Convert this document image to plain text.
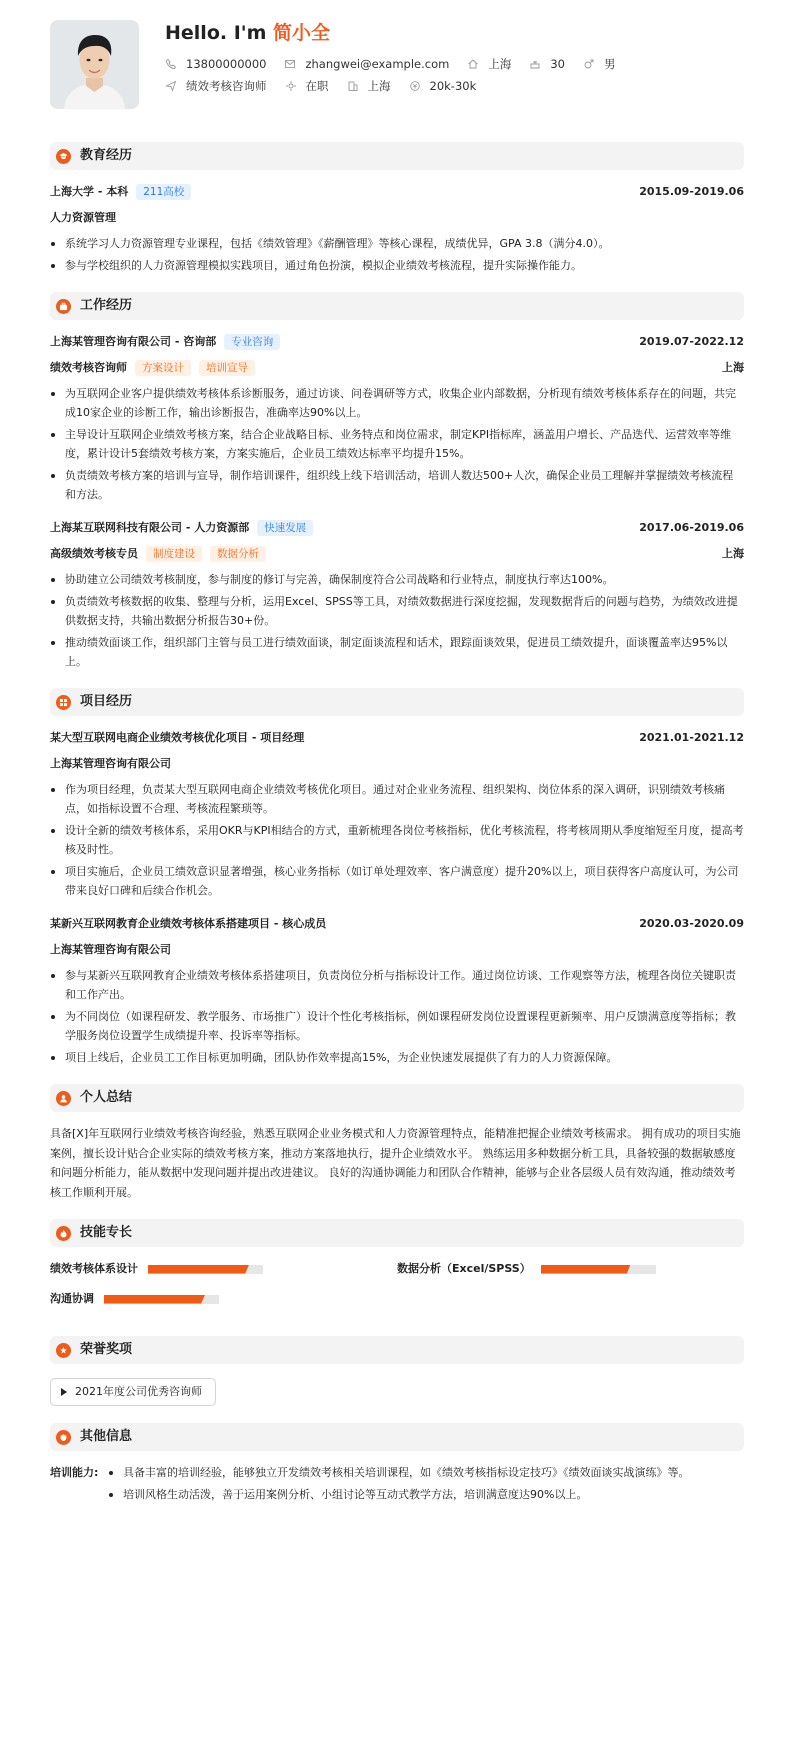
Hello. I'm 简小全
13800000000	zhangwei@example.com	上海	30	男
绩效考核咨询师	在职	上海	20k-30k
教育经历
上海大学 - 本科	211高校	2015.09-2019.06
人力资源管理
系统学习人力资源管理专业课程，包括《绩效管理》《薪酬管理》等核心课程，成绩优异，GPA 3.8（满分4.0）。
参与学校组织的人力资源管理模拟实践项目，通过角色扮演，模拟企业绩效考核流程，提升实际操作能力。
工作经历
上海某管理咨询有限公司 - 咨询部	专业咨询	2019.07-2022.12
绩效考核咨询师	方案设计	培训宣导	上海
为互联网企业客户提供绩效考核体系诊断服务，通过访谈、问卷调研等方式，收集企业内部数据，分析现有绩效考核体系存在的问题，共完成10家企业的诊断工作，输出诊断报告，准确率达90%以上。
主导设计互联网企业绩效考核方案，结合企业战略目标、业务特点和岗位需求，制定KPI指标库，涵盖用户增长、产品迭代、运营效率等维度，累计设计5套绩效考核方案，方案实施后，企业员工绩效达标率平均提升15%。
负责绩效考核方案的培训与宣导，制作培训课件，组织线上线下培训活动，培训人数达500+人次，确保企业员工理解并掌握绩效考核流程和方法。
上海某互联网科技有限公司 - 人力资源部	快速发展	2017.06-2019.06
高级绩效考核专员	制度建设	数据分析	上海
协助建立公司绩效考核制度，参与制度的修订与完善，确保制度符合公司战略和行业特点，制度执行率达100%。
负责绩效考核数据的收集、整理与分析，运用Excel、SPSS等工具，对绩效数据进行深度挖掘，发现数据背后的问题与趋势，为绩效改进提供数据支持，共输出数据分析报告30+份。
推动绩效面谈工作，组织部门主管与员工进行绩效面谈，制定面谈流程和话术，跟踪面谈效果，促进员工绩效提升，面谈覆盖率达95%以上。
项目经历
某大型互联网电商企业绩效考核优化项目 - 项目经理	2021.01-2021.12
上海某管理咨询有限公司
作为项目经理，负责某大型互联网电商企业绩效考核优化项目。通过对企业业务流程、组织架构、岗位体系的深入调研，识别绩效考核痛点，如指标设置不合理、考核流程繁琐等。
设计全新的绩效考核体系，采用OKR与KPI相结合的方式，重新梳理各岗位考核指标，优化考核流程，将考核周期从季度缩短至月度，提高考核及时性。
项目实施后，企业员工绩效意识显著增强，核心业务指标（如订单处理效率、客户满意度）提升20%以上，项目获得客户高度认可，为公司带来良好口碑和后续合作机会。
某新兴互联网教育企业绩效考核体系搭建项目 - 核心成员	2020.03-2020.09
上海某管理咨询有限公司
参与某新兴互联网教育企业绩效考核体系搭建项目，负责岗位分析与指标设计工作。通过岗位访谈、工作观察等方法，梳理各岗位关键职责和工作产出。
为不同岗位（如课程研发、教学服务、市场推广）设计个性化考核指标，例如课程研发岗位设置课程更新频率、用户反馈满意度等指标；教学服务岗位设置学生成绩提升率、投诉率等指标。
项目上线后，企业员工工作目标更加明确，团队协作效率提高15%，为企业快速发展提供了有力的人力资源保障。
个人总结

具备[X]年互联网行业绩效考核咨询经验，熟悉互联网企业业务模式和人力资源管理特点，能精准把握企业绩效考核需求。 拥有成功的项目实施案例，擅长设计贴合企业实际的绩效考核方案，推动方案落地执行，提升企业绩效水平。 熟练运用多种数据分析工具，具备较强的数据敏感度和问题分析能力，能从数据中发现问题并提出改进建议。 良好的沟通协调能力和团队合作精神，能够与企业各层级人员有效沟通，推动绩效考核工作顺利开展。

技能专长
绩效考核体系设计	数据分析（Excel/SPSS）
沟通协调
荣誉奖项
2021年度公司优秀咨询师
其他信息
培训能力:	具备丰富的培训经验，能够独立开发绩效考核相关培训课程，如《绩效考核指标设定技巧》《绩效面谈实战演练》等。
培训风格生动活泼，善于运用案例分析、小组讨论等互动式教学方法，培训满意度达90%以上。
